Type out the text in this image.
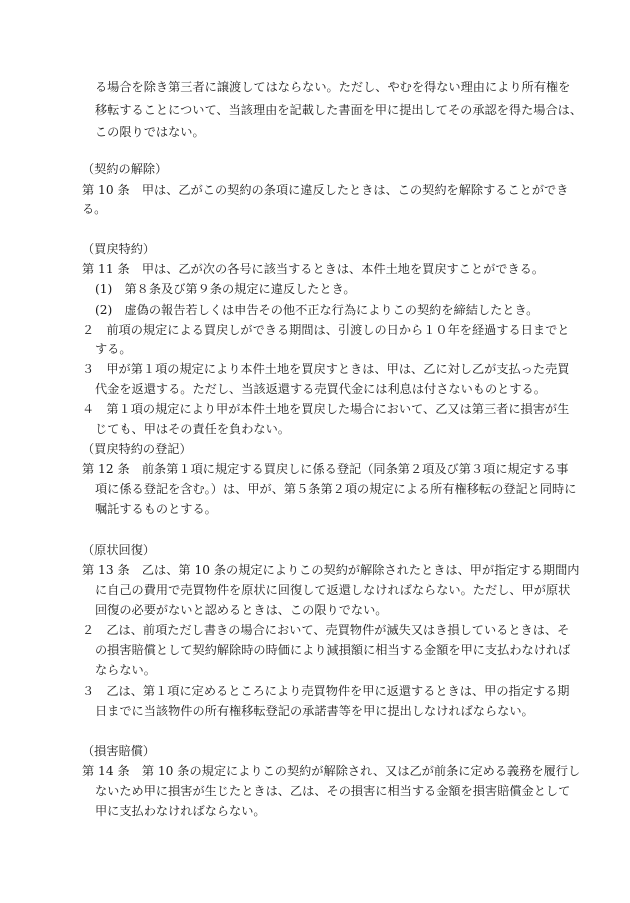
る場合を除き第三者に譲渡してはならない。ただし、やむを得ない理由により所有権を
移転することについて、当該理由を記載した書面を甲に提出してその承認を得た場合は、
この限りではない。
（契約の解除）
第 10 条　甲は、乙がこの契約の条項に違反したときは、この契約を解除することができ
る。
（買戻特約）
第 11 条　甲は、乙が次の各号に該当するときは、本件土地を買戻すことができる。
(1)　第８条及び第９条の規定に違反したとき。
(2)　虚偽の報告若しくは申告その他不正な行為によりこの契約を締結したとき。
２　前項の規定による買戻しができる期間は、引渡しの日から１０年を経過する日までと
する。
３　甲が第１項の規定により本件土地を買戻すときは、甲は、乙に対し乙が支払った売買
代金を返還する。ただし、当該返還する売買代金には利息は付さないものとする。
４　第１項の規定により甲が本件土地を買戻した場合において、乙又は第三者に損害が生
じても、甲はその責任を負わない。
（買戻特約の登記）
第 12 条　前条第１項に規定する買戻しに係る登記（同条第２項及び第３項に規定する事
項に係る登記を含む。）は、甲が、第５条第２項の規定による所有権移転の登記と同時に
嘱託するものとする。
（原状回復）
第 13 条　乙は、第 10 条の規定によりこの契約が解除されたときは、甲が指定する期間内
に自己の費用で売買物件を原状に回復して返還しなければならない。ただし、甲が原状
回復の必要がないと認めるときは、この限りでない。
２　乙は、前項ただし書きの場合において、売買物件が滅失又はき損しているときは、そ
の損害賠償として契約解除時の時価により減損額に相当する金額を甲に支払わなければ
ならない。
３　乙は、第１項に定めるところにより売買物件を甲に返還するときは、甲の指定する期
日までに当該物件の所有権移転登記の承諾書等を甲に提出しなければならない。
（損害賠償）
第 14 条　第 10 条の規定によりこの契約が解除され、又は乙が前条に定める義務を履行し
ないため甲に損害が生じたときは、乙は、その損害に相当する金額を損害賠償金として
甲に支払わなければならない。
